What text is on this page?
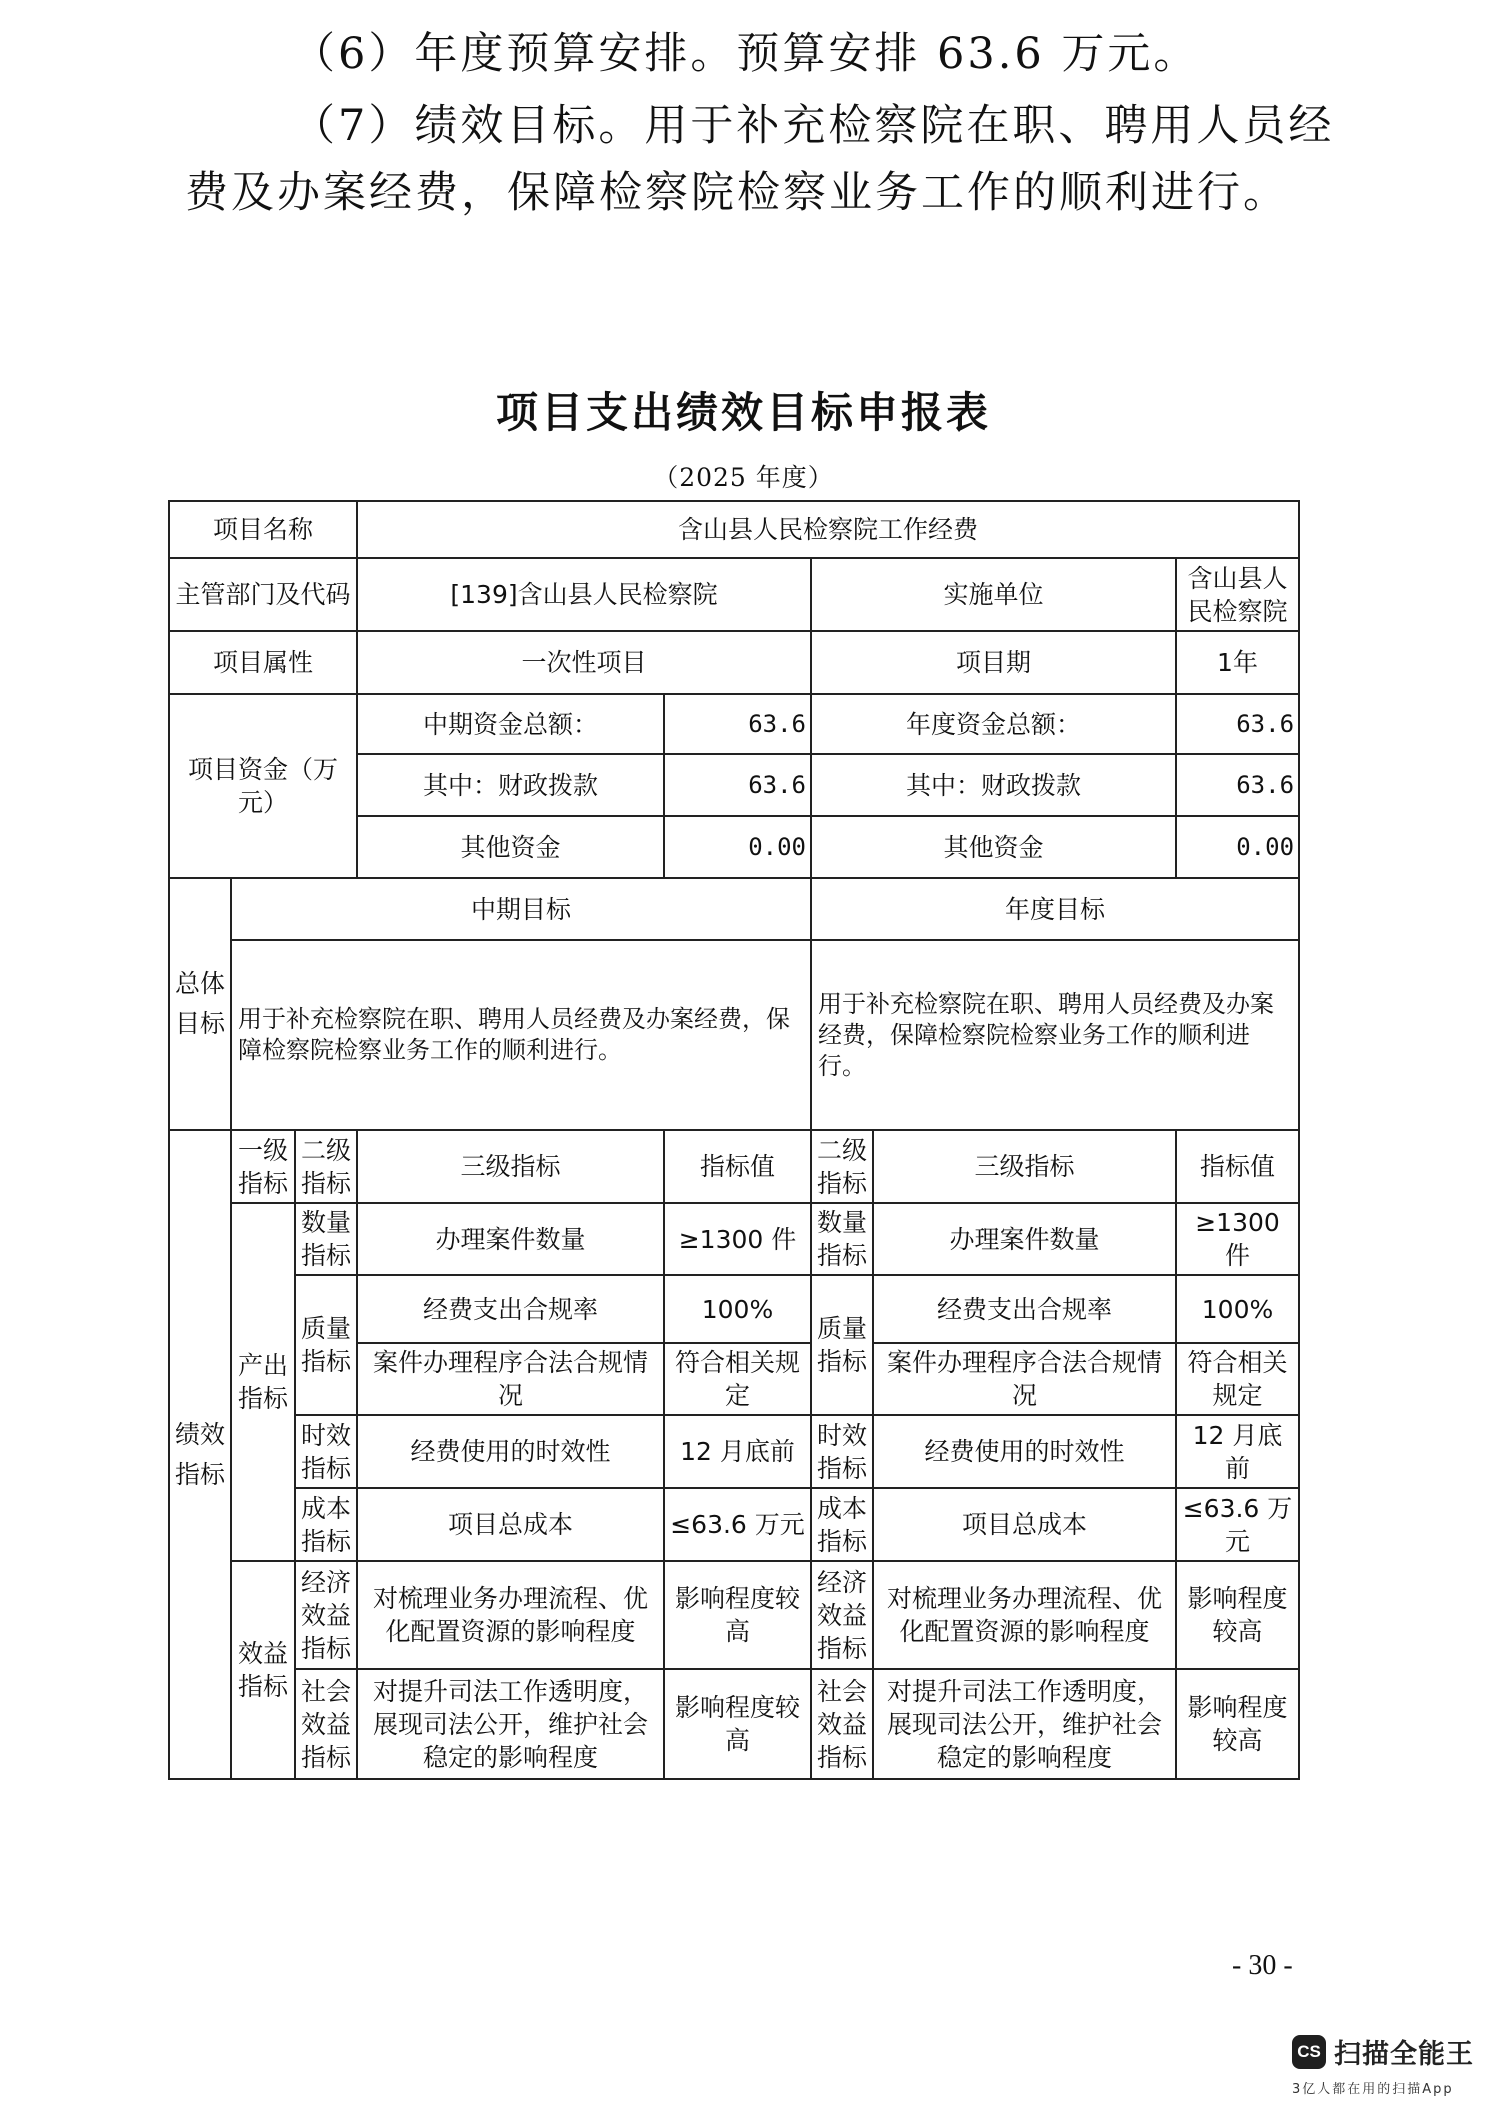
（6）年度预算安排。预算安排 63.6 万元。
（7）绩效目标。用于补充检察院在职、聘用人员经
费及办案经费，保障检察院检察业务工作的顺利进行。
项目支出绩效目标申报表
（2025 年度）
项目名称			含山县人民检察院工作经费				
主管部门及代码			[139]含山县人民检察院		实施单位		含山县人民检察院
项目属性			一次性项目		项目期		1年
项目资金（万元）			中期资金总额：	63.6	年度资金总额：		63.6
			其中：财政拨款	63.6	其中：财政拨款		63.6
			其他资金	0.00	其他资金		0.00
总体目标	中期目标				年度目标		
	用于补充检察院在职、聘用人员经费及办案经费，保障检察院检察业务工作的顺利进行。				用于补充检察院在职、聘用人员经费及办案经费，保障检察院检察业务工作的顺利进行。		
绩效指标	一级指标	二级指标	三级指标	指标值	二级指标	三级指标	指标值
	产出指标	数量指标	办理案件数量	≥1300 件	数量指标	办理案件数量	≥1300 件
		质量指标	经费支出合规率	100%	质量指标	经费支出合规率	100%
			案件办理程序合法合规情况	符合相关规定		案件办理程序合法合规情况	符合相关规定
		时效指标	经费使用的时效性	12 月底前	时效指标	经费使用的时效性	12 月底前
		成本指标	项目总成本	≤63.6 万元	成本指标	项目总成本	≤63.6 万元
	效益指标	经济效益指标	对梳理业务办理流程、优化配置资源的影响程度	影响程度较高	经济效益指标	对梳理业务办理流程、优化配置资源的影响程度	影响程度较高
		社会效益指标	对提升司法工作透明度，展现司法公开，维护社会稳定的影响程度	影响程度较高	社会效益指标	对提升司法工作透明度，展现司法公开，维护社会稳定的影响程度	影响程度较高
- 30 -
CS 扫描全能王
3亿人都在用的扫描App
